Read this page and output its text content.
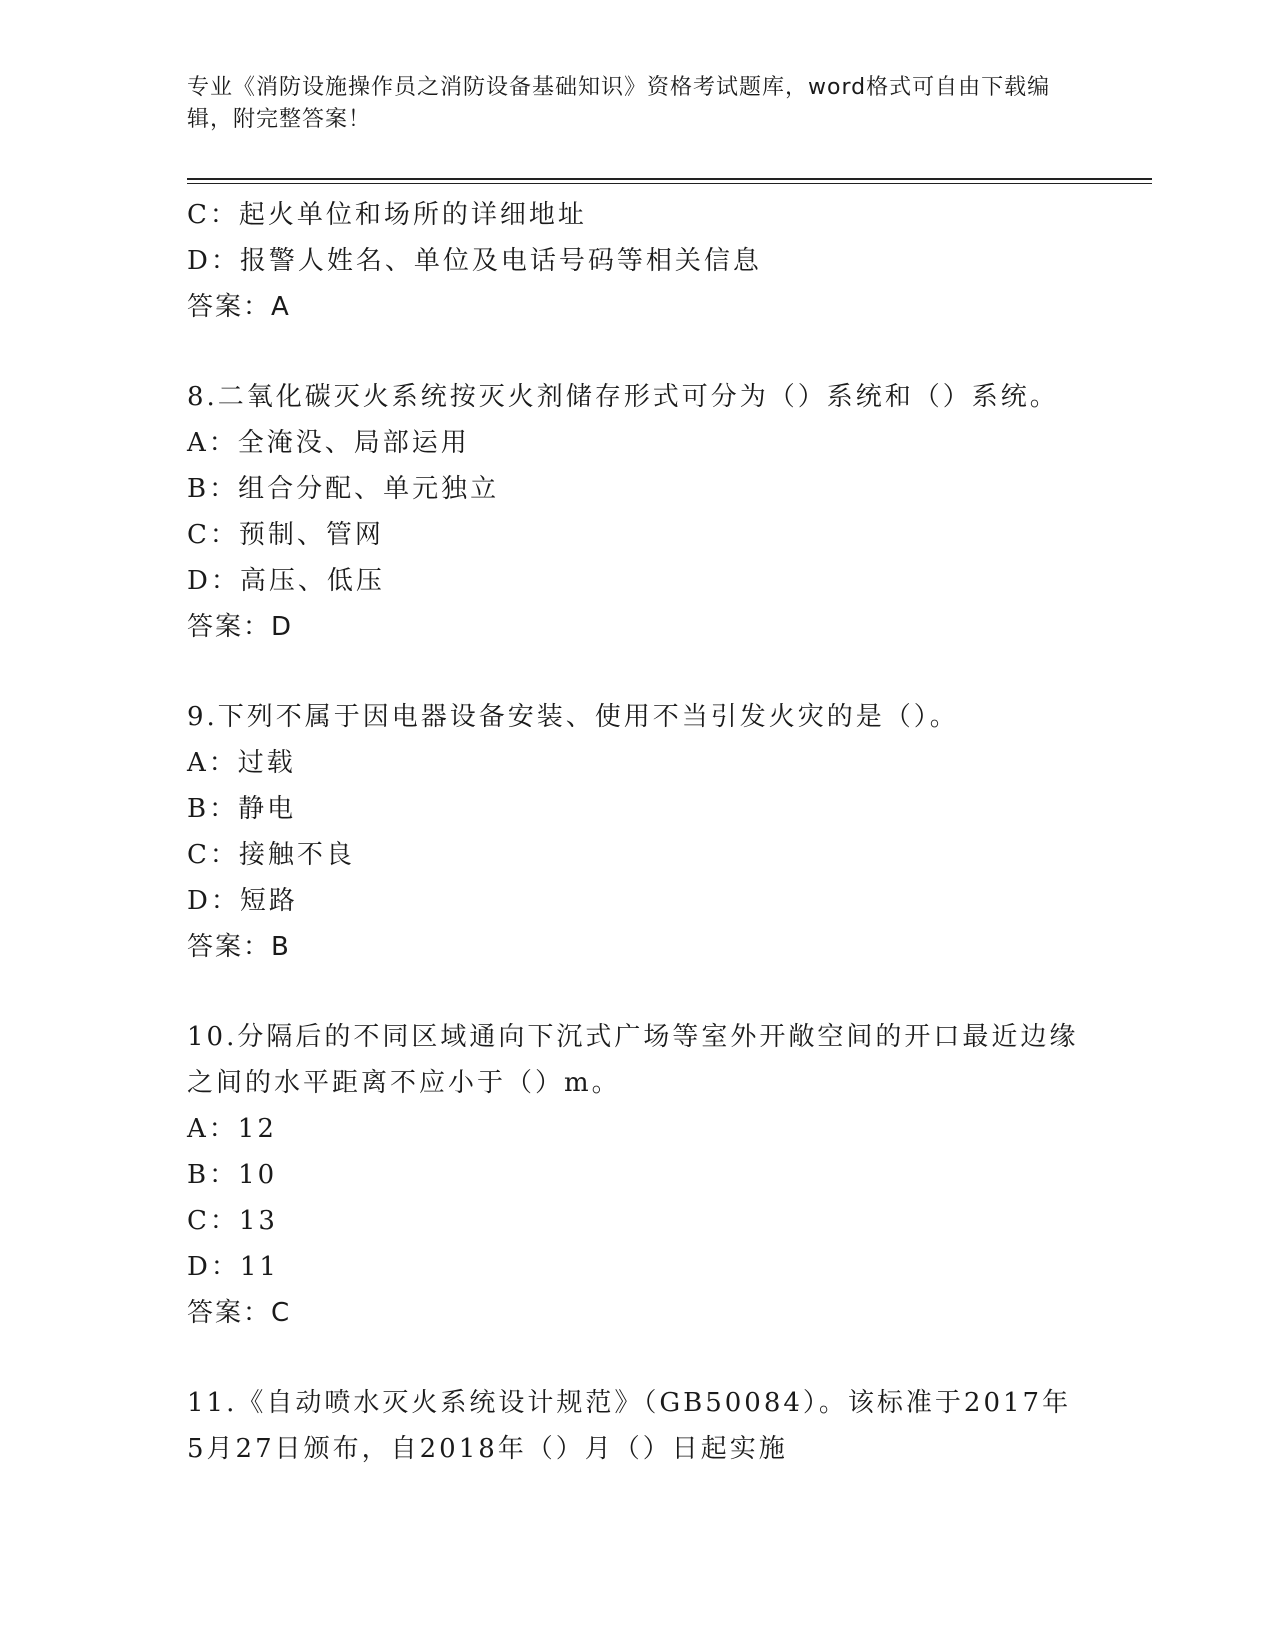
专业《消防设施操作员之消防设备基础知识》资格考试题库，word格式可自由下载编辑，附完整答案！
C：起火单位和场所的详细地址
D：报警人姓名、单位及电话号码等相关信息
答案：A
8.二氧化碳灭火系统按灭火剂储存形式可分为（）系统和（）系统。
A：全淹没、局部运用
B：组合分配、单元独立
C：预制、管网
D：高压、低压
答案：D
9.下列不属于因电器设备安装、使用不当引发火灾的是（）。
A：过载
B：静电
C：接触不良
D：短路
答案：B
10.分隔后的不同区域通向下沉式广场等室外开敞空间的开口最近边缘之间的水平距离不应小于（）m。
A：12
B：10
C：13
D：11
答案：C
11.《自动喷水灭火系统设计规范》（GB50084）。该标准于2017年5月27日颁布，自2018年（）月（）日起实施
